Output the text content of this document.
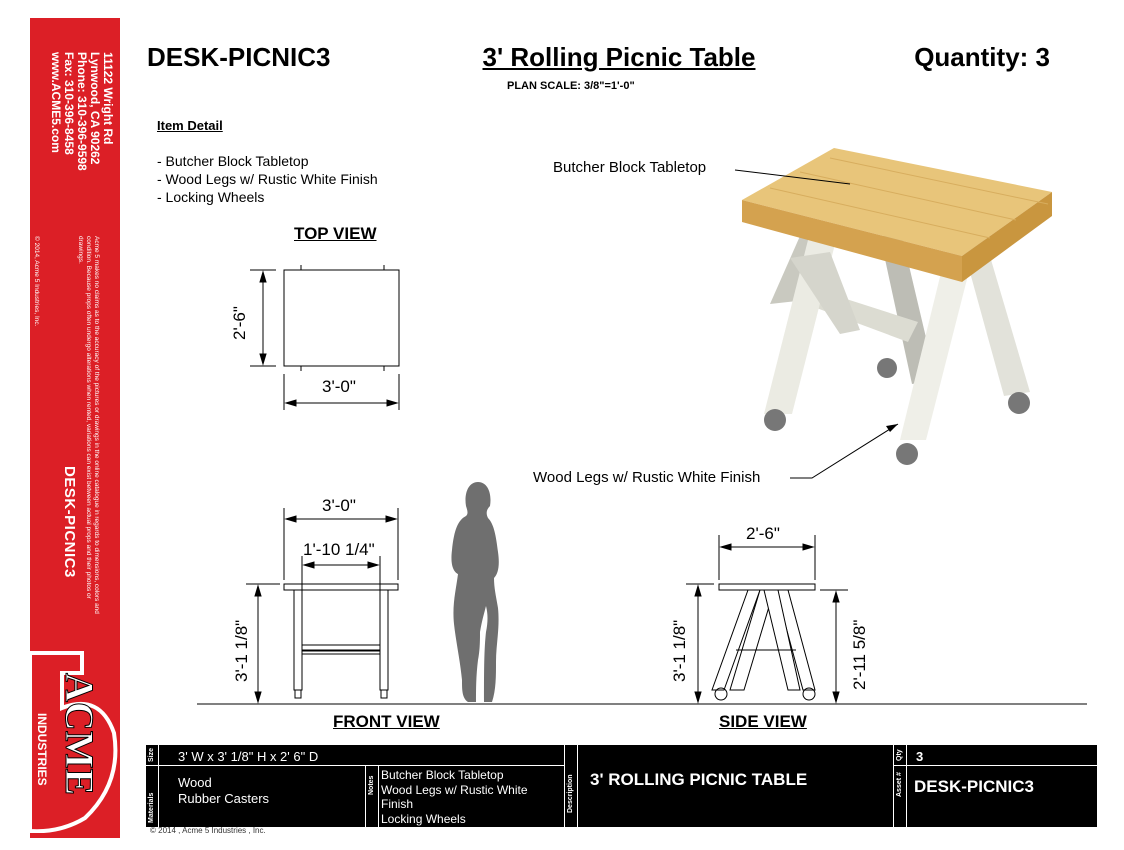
11122 Wright Rd
Lynwood, CA 90262
Phone: 310-396-9598
Fax: 310-396-8458
www.ACME5.com
© 2014, Acme 5 Industries, Inc.	Acme 5 makes no claims as to the accuracy of the pictures or drawings in the online catalogue in regards to dimensions, colors and condition. Because props often undergo alterations when rented, variations can exist between actual props and their photos or drawings.
DESK-PICNIC3
ACME
INDUSTRIES
DESK-PICNIC3	3' Rolling Picnic Table	Quantity: 3
PLAN SCALE: 3/8"=1'-0"
Item Detail
- Butcher Block Tabletop
- Wood Legs w/ Rustic White Finish
- Locking Wheels
2'-6"
3'-0"
3'-0"
1'-10 1/4"
3'-1 1/8"
2'-6"
3'-1 1/8"	2'-11 5/8"
TOP VIEW
FRONT VIEW	SIDE VIEW
Butcher Block Tabletop
Wood Legs w/ Rustic White Finish
Size 3' W x 3' 1/8" H x 2' 6" D
Materials
Wood
Rubber Casters
Notes
Butcher Block Tabletop
Wood Legs w/ Rustic White
Finish
Locking Wheels
Description 3' ROLLING PICNIC TABLE
Qty 3
Asset # DESK-PICNIC3
© 2014 , Acme 5 Industries , Inc.
